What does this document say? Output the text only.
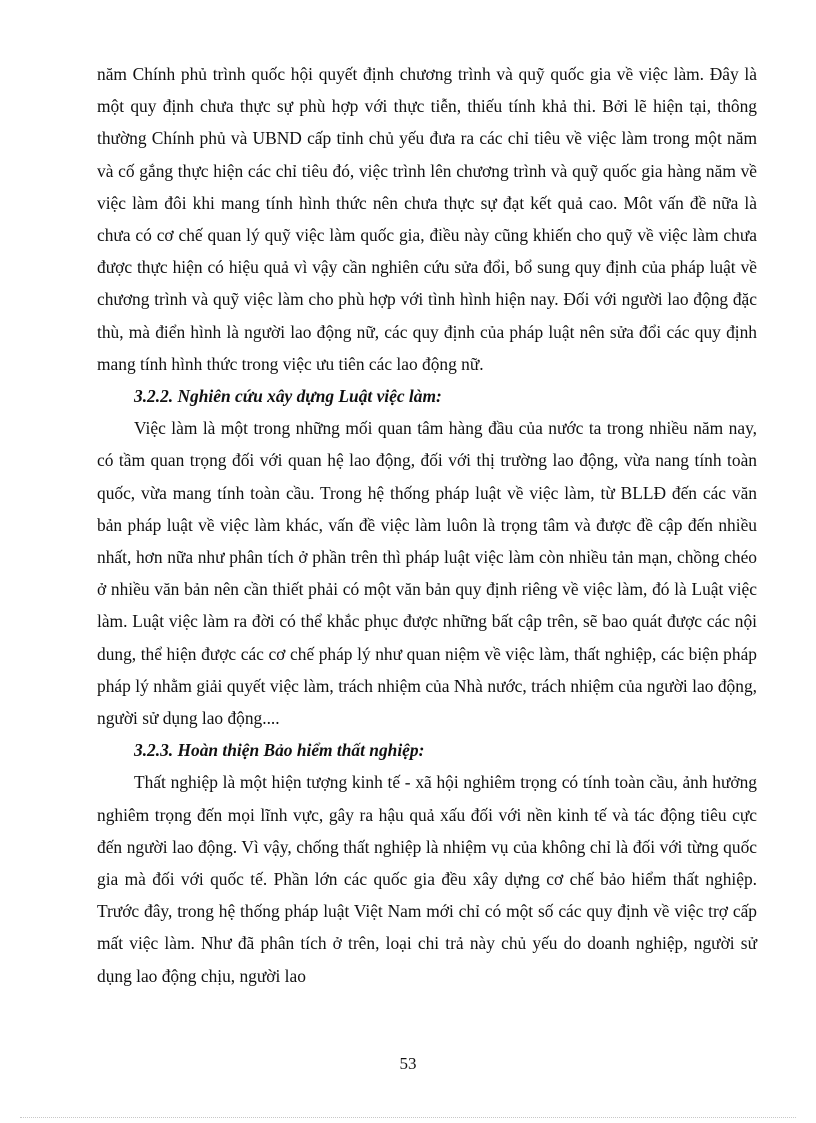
năm Chính phủ trình quốc hội quyết định chương trình và quỹ quốc gia về việc làm. Đây là một quy định chưa thực sự phù hợp với thực tiễn, thiếu tính khả thi. Bởi lẽ hiện tại, thông thường Chính phủ và UBND cấp tỉnh chủ yếu đưa ra các chỉ tiêu về việc làm trong một năm và cố gắng thực hiện các chỉ tiêu đó, việc trình lên chương trình và quỹ quốc gia hàng năm về việc làm đôi khi mang tính hình thức nên chưa thực sự đạt kết quả cao. Môt vấn đề nữa là chưa có cơ chế quan lý quỹ việc làm quốc gia, điều này cũng khiến cho quỹ về việc làm chưa được thực hiện có hiệu quả vì vậy cần nghiên cứu sửa đổi, bổ sung quy định của pháp luật về chương trình và quỹ việc làm cho phù hợp với tình hình hiện nay. Đối với người lao động đặc thù, mà điển hình là người lao động nữ, các quy định của pháp luật nên sửa đổi các quy định mang tính hình thức trong việc ưu tiên các lao động nữ.

3.2.2. Nghiên cứu xây dựng Luật việc làm:

Việc làm là một trong những mối quan tâm hàng đầu của nước ta trong nhiều năm nay, có tầm quan trọng đối với quan hệ lao động, đối với thị trường lao động, vừa nang tính toàn quốc, vừa mang tính toàn cầu. Trong hệ thống pháp luật về việc làm, từ BLLĐ đến các văn bản pháp luật về việc làm khác, vấn đề việc làm luôn là trọng tâm và được đề cập đến nhiều nhất, hơn nữa như phân tích ở phần trên thì pháp luật việc làm còn nhiều tản mạn, chồng chéo ở nhiều văn bản nên cần thiết phải có một văn bản quy định riêng về việc làm, đó là Luật việc làm. Luật việc làm ra đời có thể khắc phục được những bất cập trên, sẽ bao quát được các nội dung, thể hiện được các cơ chế pháp lý như quan niệm về việc làm, thất nghiệp, các biện pháp pháp lý nhằm giải quyết việc làm, trách nhiệm của Nhà nước, trách nhiệm của người lao động, người sử dụng lao động....

3.2.3. Hoàn thiện Bảo hiểm thất nghiệp:

Thất nghiệp là một hiện tượng kinh tế - xã hội nghiêm trọng có tính toàn cầu, ảnh hưởng nghiêm trọng đến mọi lĩnh vực, gây ra hậu quả xấu đối với nền kinh tế và tác động tiêu cực đến người lao động. Vì vậy, chống thất nghiệp là nhiệm vụ của không chỉ là đối với từng quốc gia mà đối với quốc tế. Phần lớn các quốc gia đều xây dựng cơ chế bảo hiểm thất nghiệp. Trước đây, trong hệ thống pháp luật Việt Nam mới chỉ có một số các quy định về việc trợ cấp mất việc làm. Như đã phân tích ở trên, loại chi trả này chủ yếu do doanh nghiệp, người sử dụng lao động chịu, người lao

53
